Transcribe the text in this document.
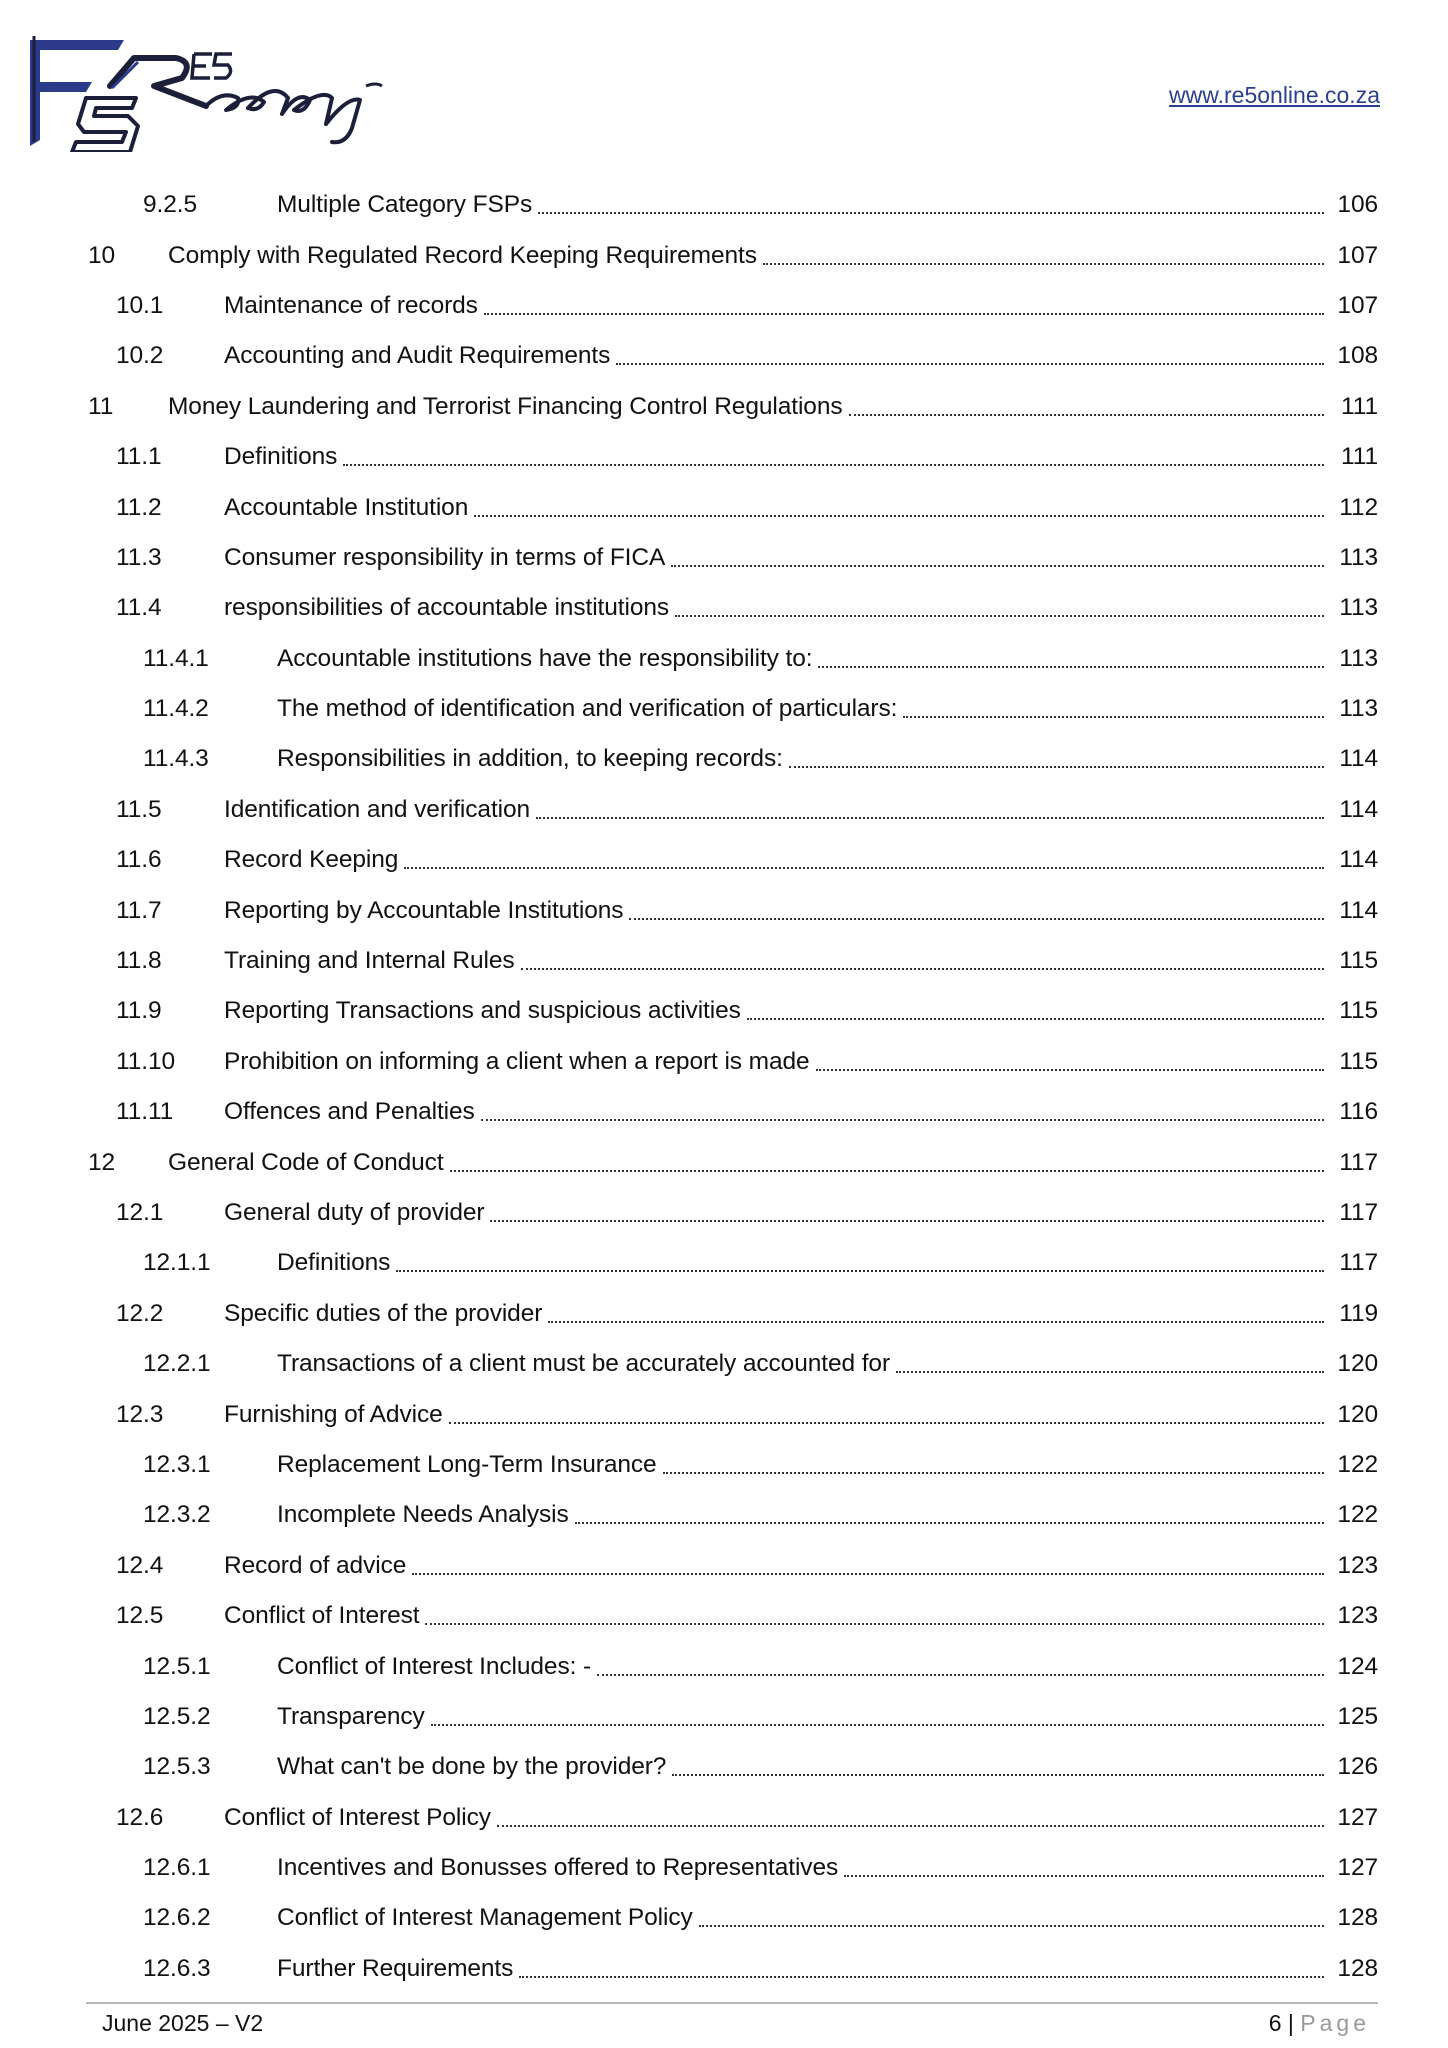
www.re5online.co.za
9.2.5	Multiple Category FSPs	106
10	Comply with Regulated Record Keeping Requirements	107
10.1	Maintenance of records	107
10.2	Accounting and Audit Requirements	108
11	Money Laundering and Terrorist Financing Control Regulations	111
11.1	Definitions	111
11.2	Accountable Institution	112
11.3	Consumer responsibility in terms of FICA	113
11.4	responsibilities of accountable institutions	113
11.4.1	Accountable institutions have the responsibility to:	113
11.4.2	The method of identification and verification of particulars:	113
11.4.3	Responsibilities in addition, to keeping records:	114
11.5	Identification and verification	114
11.6	Record Keeping	114
11.7	Reporting by Accountable Institutions	114
11.8	Training and Internal Rules	115
11.9	Reporting Transactions and suspicious activities	115
11.10	Prohibition on informing a client when a report is made	115
11.11	Offences and Penalties	116
12	General Code of Conduct	117
12.1	General duty of provider	117
12.1.1	Definitions	117
12.2	Specific duties of the provider	119
12.2.1	Transactions of a client must be accurately accounted for	120
12.3	Furnishing of Advice	120
12.3.1	Replacement Long-Term Insurance	122
12.3.2	Incomplete Needs Analysis	122
12.4	Record of advice	123
12.5	Conflict of Interest	123
12.5.1	Conflict of Interest Includes: -	124
12.5.2	Transparency	125
12.5.3	What can't be done by the provider?	126
12.6	Conflict of Interest Policy	127
12.6.1	Incentives and Bonusses offered to Representatives	127
12.6.2	Conflict of Interest Management Policy	128
12.6.3	Further Requirements	128
June 2025 – V2	6 | Page
